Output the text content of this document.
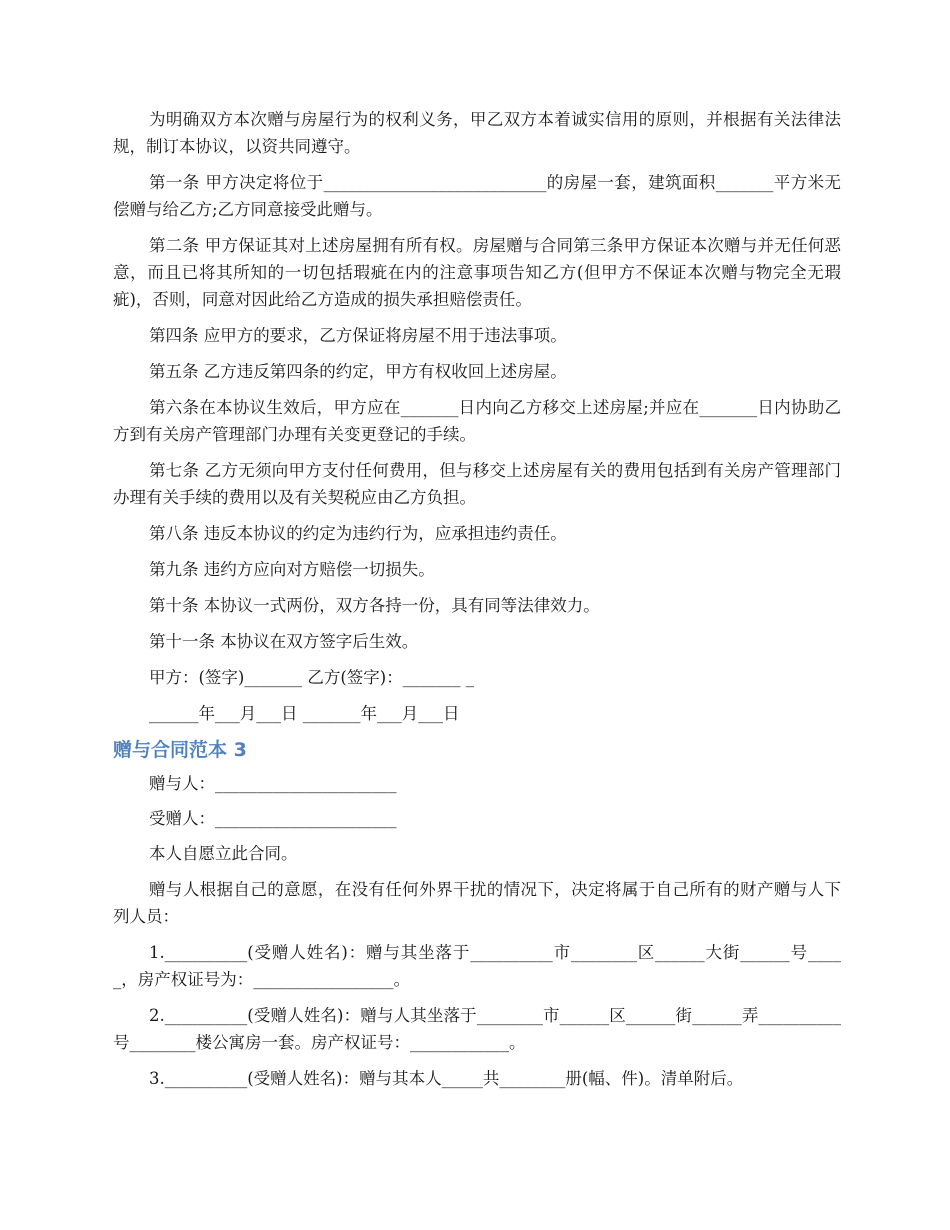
为明确双方本次赠与房屋行为的权利义务，甲乙双方本着诚实信用的原则，并根据有关法律法规，制订本协议，以资共同遵守。

第一条 甲方决定将位于___________________________的房屋一套，建筑面积_______平方米无偿赠与给乙方;乙方同意接受此赠与。

第二条 甲方保证其对上述房屋拥有所有权。房屋赠与合同第三条甲方保证本次赠与并无任何恶意，而且已将其所知的一切包括瑕疵在内的注意事项告知乙方(但甲方不保证本次赠与物完全无瑕疵)，否则，同意对因此给乙方造成的损失承担赔偿责任。

第四条 应甲方的要求，乙方保证将房屋不用于违法事项。

第五条 乙方违反第四条的约定，甲方有权收回上述房屋。

第六条在本协议生效后，甲方应在_______日内向乙方移交上述房屋;并应在_______日内协助乙方到有关房产管理部门办理有关变更登记的手续。

第七条 乙方无须向甲方支付任何费用，但与移交上述房屋有关的费用包括到有关房产管理部门办理有关手续的费用以及有关契税应由乙方负担。

第八条 违反本协议的约定为违约行为，应承担违约责任。

第九条 违约方应向对方赔偿一切损失。

第十条 本协议一式两份，双方各持一份，具有同等法律效力。

第十一条 本协议在双方签字后生效。

甲方：(签字)_______ 乙方(签字)：_______ _

______年___月___日 _______年___月___日

赠与合同范本 3

赠与人：______________________

受赠人：______________________

本人自愿立此合同。

赠与人根据自己的意愿，在没有任何外界干扰的情况下，决定将属于自己所有的财产赠与人下列人员：

1.__________(受赠人姓名)：赠与其坐落于__________市________区______大街______号_____，房产权证号为：_________________。

2.__________(受赠人姓名)：赠与人其坐落于________市______区______街______弄__________号________楼公寓房一套。房产权证号：____________。

3.__________(受赠人姓名)：赠与其本人_____共________册(幅、件)。清单附后。
